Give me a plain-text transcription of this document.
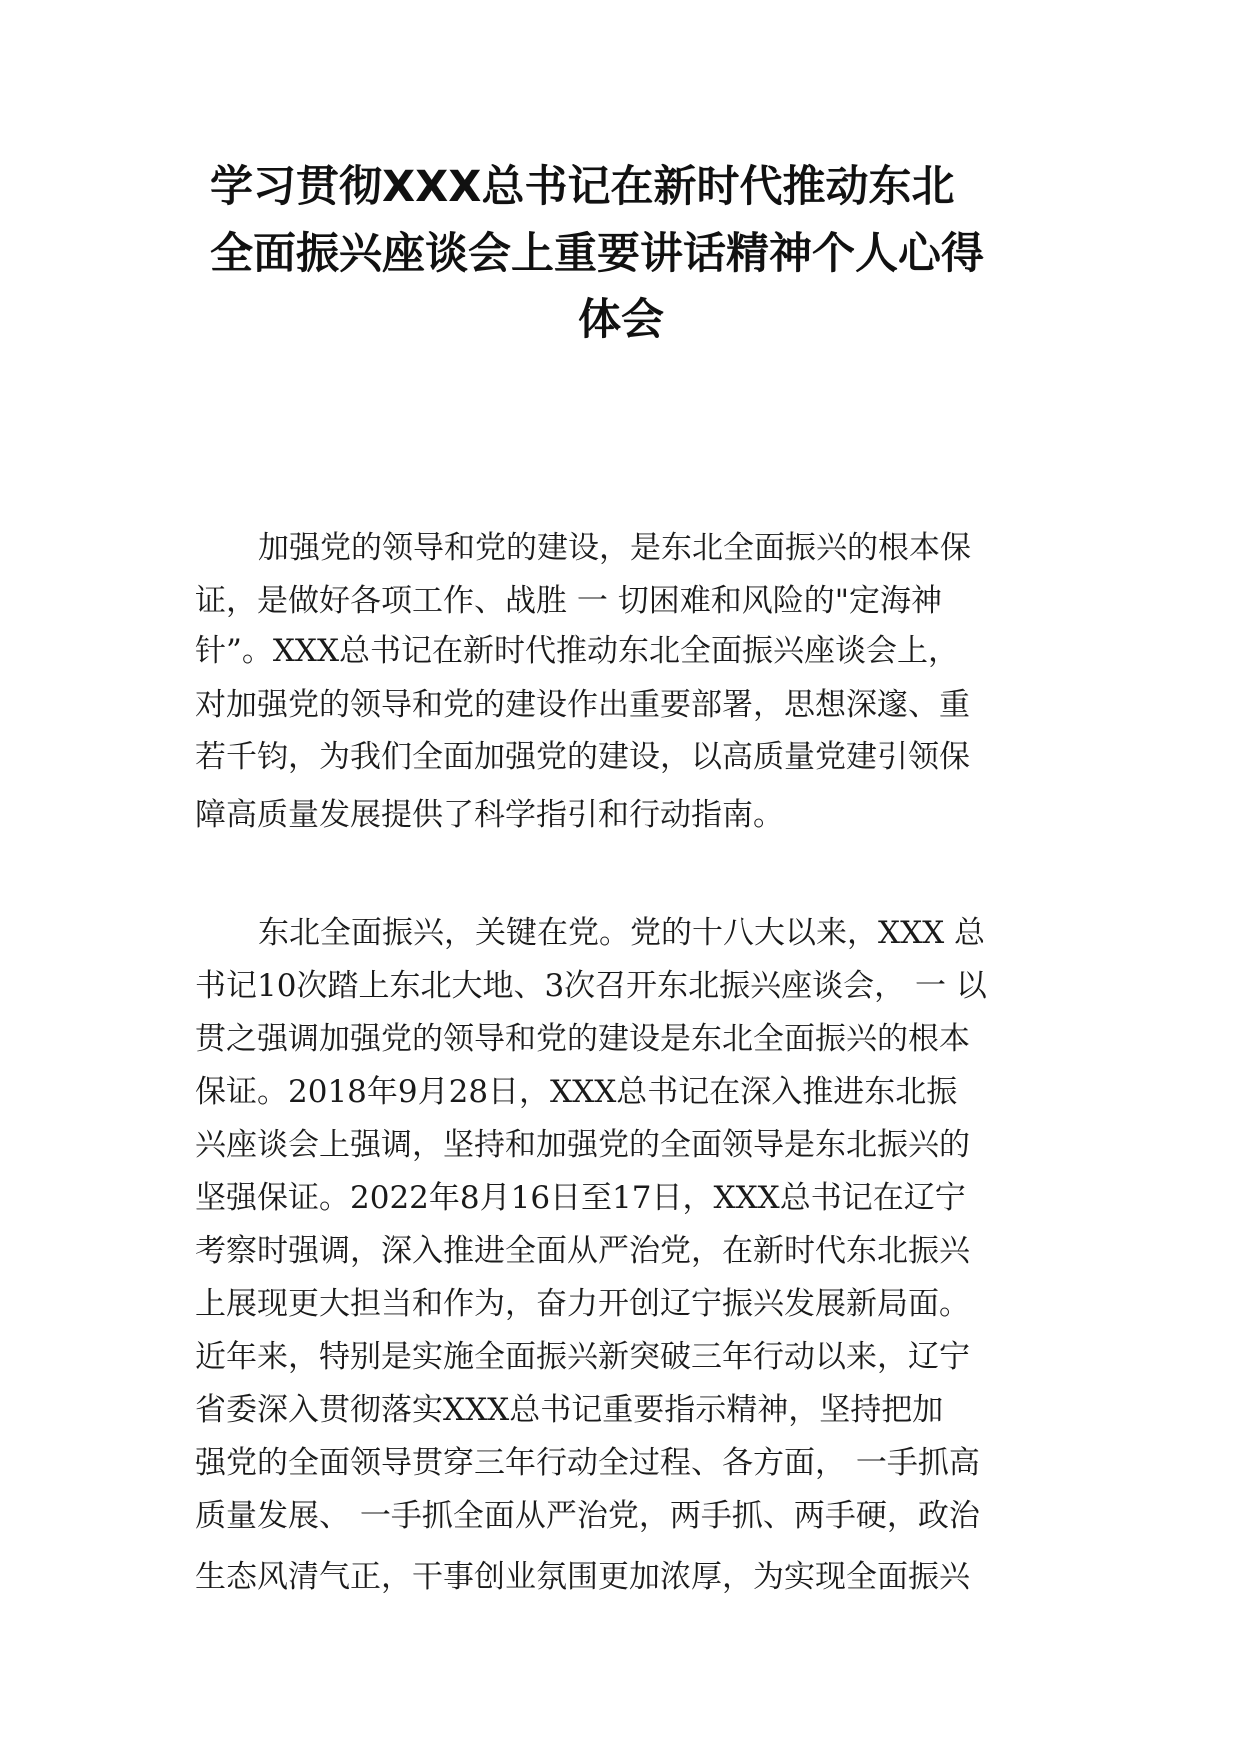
学习贯彻XXX总书记在新时代推动东北
全面振兴座谈会上重要讲话精神个人心得
体会
加强党的领导和党的建设，是东北全面振兴的根本保
证，是做好各项工作、战胜 一 切困难和风险的"定海神
针”。XXX总书记在新时代推动东北全面振兴座谈会上，
对加强党的领导和党的建设作出重要部署，思想深邃、重
若千钧，为我们全面加强党的建设，以高质量党建引领保
障高质量发展提供了科学指引和行动指南。
东北全面振兴，关键在党。党的十八大以来，XXX 总
书记10次踏上东北大地、3次召开东北振兴座谈会， 一 以
贯之强调加强党的领导和党的建设是东北全面振兴的根本
保证。2018年9月28日，XXX总书记在深入推进东北振
兴座谈会上强调，坚持和加强党的全面领导是东北振兴的
坚强保证。2022年8月16日至17日，XXX总书记在辽宁
考察时强调，深入推进全面从严治党，在新时代东北振兴
上展现更大担当和作为，奋力开创辽宁振兴发展新局面。
近年来，特别是实施全面振兴新突破三年行动以来，辽宁
省委深入贯彻落实XXX总书记重要指示精神，坚持把加
强党的全面领导贯穿三年行动全过程、各方面， 一手抓高
质量发展、 一手抓全面从严治党，两手抓、两手硬，政治
生态风清气正，干事创业氛围更加浓厚，为实现全面振兴
